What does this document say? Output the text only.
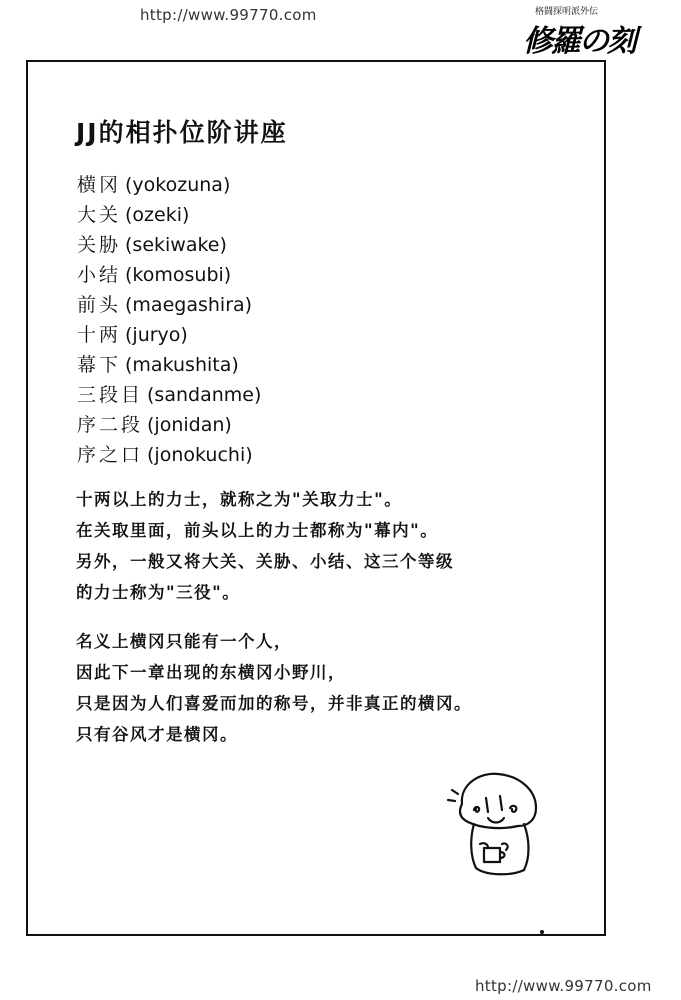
http://www.99770.com	格闘探明派外伝
修羅の刻
JJ的相扑位阶讲座
横冈 (yokozuna)
大关 (ozeki)
关胁 (sekiwake)
小结 (komosubi)
前头 (maegashira)
十两 (juryo)
幕下 (makushita)
三段目 (sandanme)
序二段 (jonidan)
序之口 (jonokuchi)
十两以上的力士，就称之为"关取力士"。
在关取里面，前头以上的力士都称为"幕内"。
另外，一般又将大关、关胁、小结、这三个等级
的力士称为"三役"。
名义上横冈只能有一个人，
因此下一章出现的东横冈小野川，
只是因为人们喜爱而加的称号，并非真正的横冈。
只有谷风才是横冈。
http://www.99770.com
